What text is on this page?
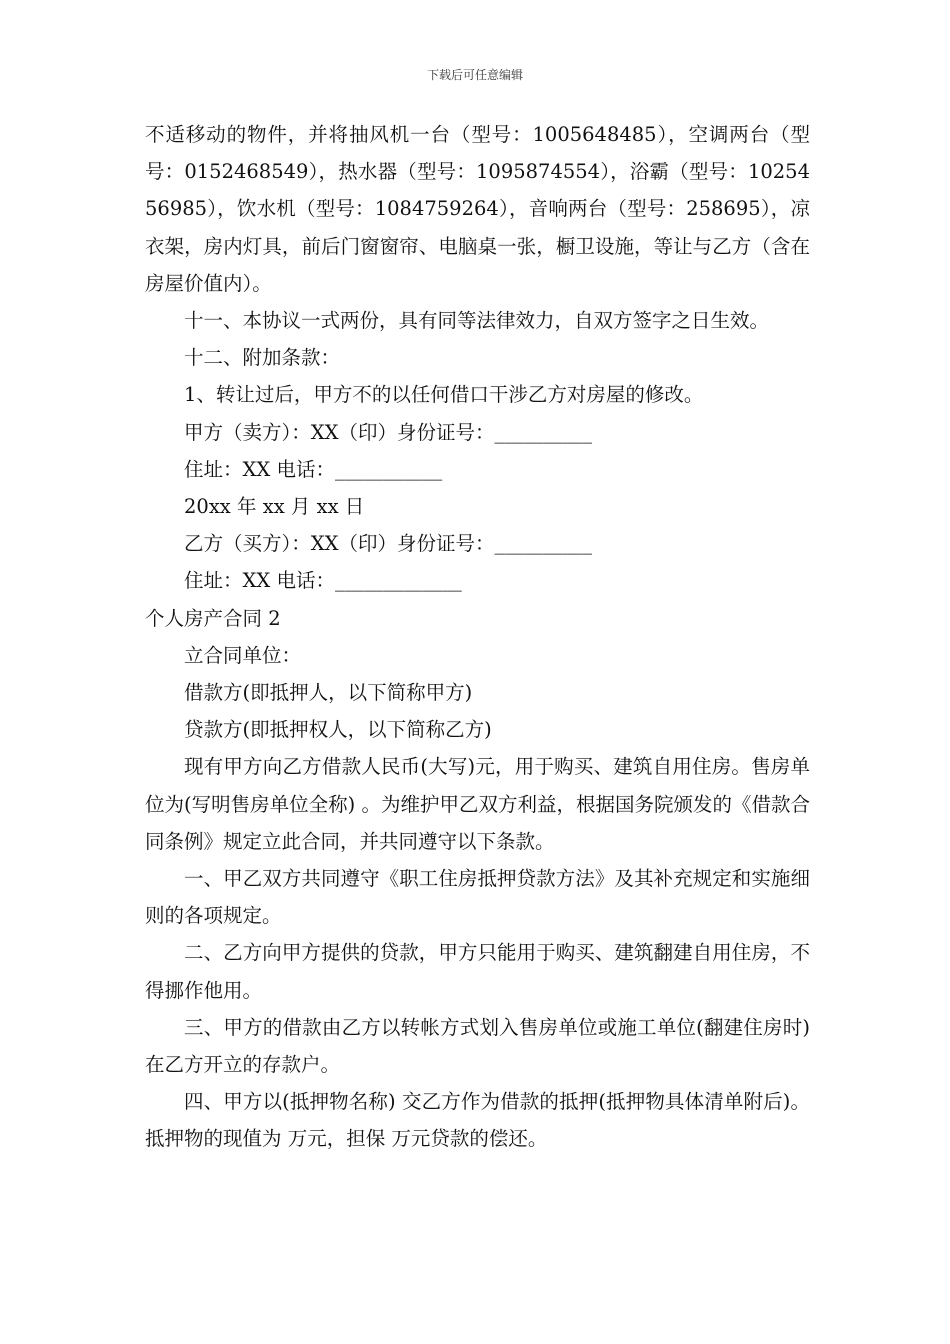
下载后可任意编辑

不适移动的物件，并将抽风机一台（型号：1005648485），空调两台（型号：0152468549），热水器（型号：1095874554），浴霸（型号：1025456985），饮水机（型号：1084759264），音响两台（型号：258695），凉衣架，房内灯具，前后门窗窗帘、电脑桌一张，橱卫设施，等让与乙方（含在房屋价值内）。

十一、本协议一式两份，具有同等法律效力，自双方签字之日生效。

十二、附加条款：

1、转让过后，甲方不的以任何借口干涉乙方对房屋的修改。

甲方（卖方）：XX（印）身份证号：__________

住址：XX 电话：___________

20xx 年 xx 月 xx 日

乙方（买方）：XX（印）身份证号：__________

住址：XX 电话：_____________

个人房产合同 2

立合同单位：

借款方(即抵押人，以下简称甲方)

贷款方(即抵押权人，以下简称乙方)

现有甲方向乙方借款人民币(大写)元，用于购买、建筑自用住房。售房单位为(写明售房单位全称) 。为维护甲乙双方利益，根据国务院颁发的《借款合同条例》规定立此合同，并共同遵守以下条款。

一、甲乙双方共同遵守《职工住房抵押贷款方法》及其补充规定和实施细则的各项规定。

二、乙方向甲方提供的贷款，甲方只能用于购买、建筑翻建自用住房，不得挪作他用。

三、甲方的借款由乙方以转帐方式划入售房单位或施工单位(翻建住房时)在乙方开立的存款户。

四、甲方以(抵押物名称) 交乙方作为借款的抵押(抵押物具体清单附后)。抵押物的现值为 万元，担保 万元贷款的偿还。
